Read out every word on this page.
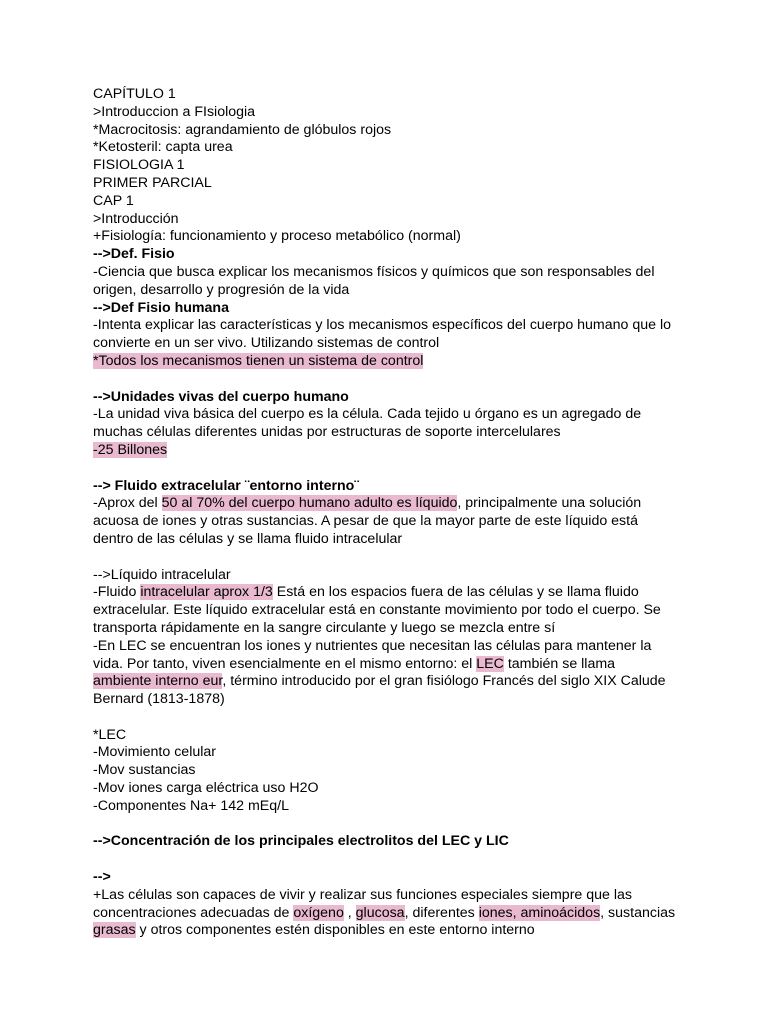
CAPÍTULO 1
>Introduccion a FIsiologia
*Macrocitosis: agrandamiento de glóbulos rojos
*Ketosteril: capta urea
FISIOLOGIA 1
PRIMER PARCIAL
CAP 1
>Introducción
+Fisiología: funcionamiento y proceso metabólico (normal)
-->Def. Fisio
-Ciencia que busca explicar los mecanismos físicos y químicos que son responsables del
origen, desarrollo y progresión de la vida
-->Def Fisio humana
-Intenta explicar las características y los mecanismos específicos del cuerpo humano que lo
convierte en un ser vivo. Utilizando sistemas de control
*Todos los mecanismos tienen un sistema de control
-->Unidades vivas del cuerpo humano
-La unidad viva básica del cuerpo es la célula. Cada tejido u órgano es un agregado de
muchas células diferentes unidas por estructuras de soporte intercelulares
-25 Billones
--> Fluido extracelular ¨entorno interno¨
-Aprox del 50 al 70% del cuerpo humano adulto es líquido, principalmente una solución
acuosa de iones y otras sustancias. A pesar de que la mayor parte de este líquido está
dentro de las células y se llama fluido intracelular
-->Líquido intracelular
-Fluido intracelular aprox 1/3 Está en los espacios fuera de las células y se llama fluido
extracelular. Este líquido extracelular está en constante movimiento por todo el cuerpo. Se
transporta rápidamente en la sangre circulante y luego se mezcla entre sí
-En LEC se encuentran los iones y nutrientes que necesitan las células para mantener la
vida. Por tanto, viven esencialmente en el mismo entorno: el LEC también se llama
ambiente interno eur, término introducido por el gran fisiólogo Francés del siglo XIX Calude
Bernard (1813-1878)
*LEC
-Movimiento celular
-Mov sustancias
-Mov iones carga eléctrica uso H2O
-Componentes Na+ 142 mEq/L
-->Concentración de los principales electrolitos del LEC y LIC
-->
+Las células son capaces de vivir y realizar sus funciones especiales siempre que las
concentraciones adecuadas de oxígeno , glucosa, diferentes iones, aminoácidos, sustancias
grasas y otros componentes estén disponibles en este entorno interno
